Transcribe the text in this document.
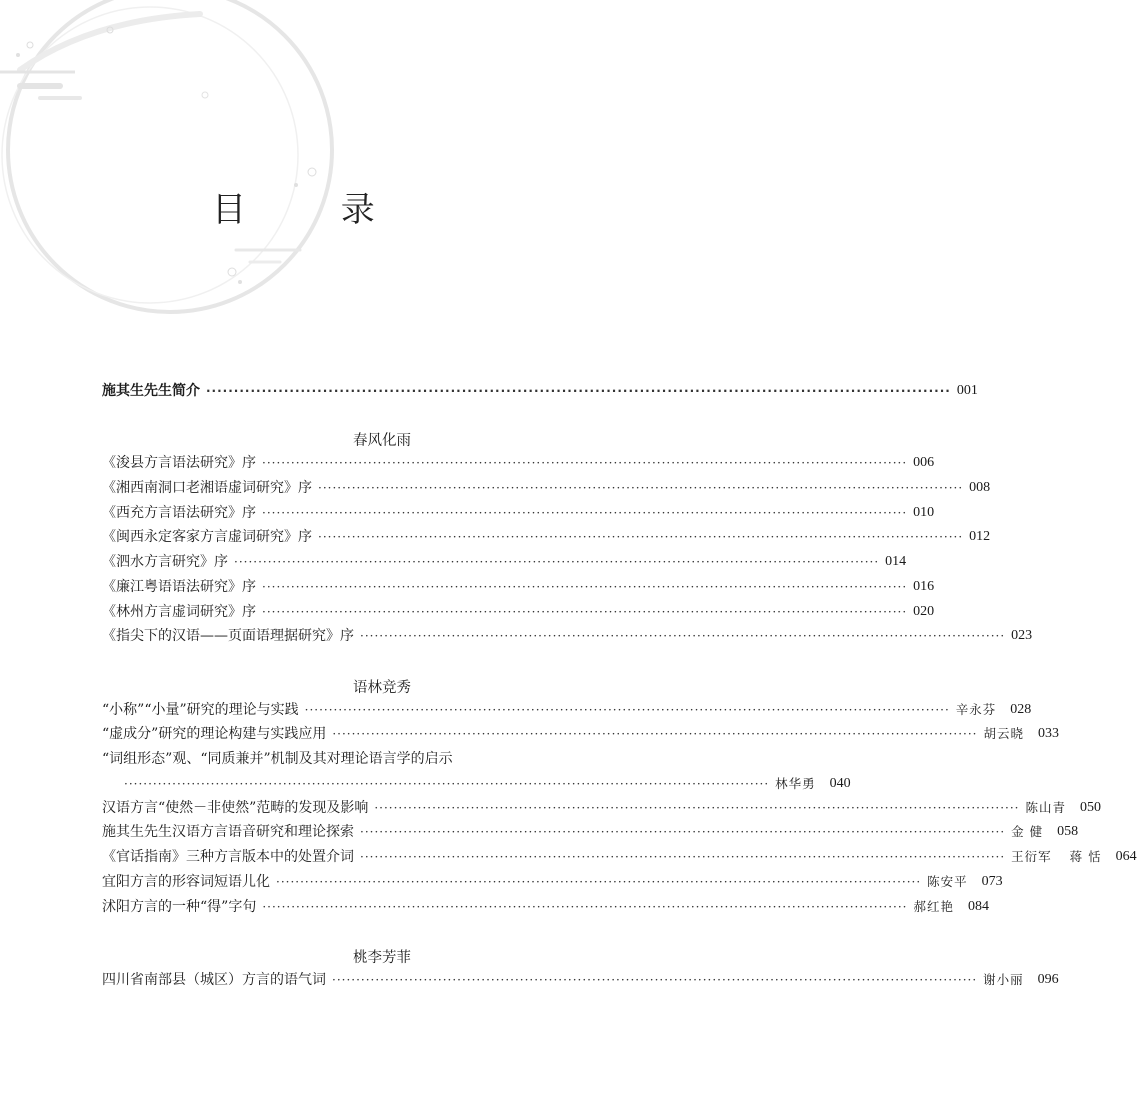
目 录
施其生先生简介 ······································································································································ 001
春风化雨
《浚县方言语法研究》序 ······································································································································ 006
《湘西南洞口老湘语虚词研究》序 ······································································································································ 008
《西充方言语法研究》序 ······································································································································ 010
《闽西永定客家方言虚词研究》序 ······································································································································ 012
《泗水方言研究》序 ······································································································································ 014
《廉江粤语语法研究》序 ······································································································································ 016
《林州方言虚词研究》序 ······································································································································ 020
《指尖下的汉语——页面语理据研究》序 ······································································································································ 023
语林竞秀
“小称”“小量”研究的理论与实践 ······································································································································ 辛永芬 028
“虚成分”研究的理论构建与实践应用 ······································································································································ 胡云晓 033
“词组形态”观、“同质兼并”机制及其对理论语言学的启示
······································································································································ 林华勇 040
汉语方言“使然－非使然”范畴的发现及影响 ······································································································································ 陈山青 050
施其生先生汉语方言语音研究和理论探索 ······································································································································ 金 健 058
《官话指南》三种方言版本中的处置介词 ······································································································································ 王衍军 蒋 恬 064
宜阳方言的形容词短语儿化 ······································································································································ 陈安平 073
沭阳方言的一种“得”字句 ······································································································································ 郝红艳 084
桃李芳菲
四川省南部县（城区）方言的语气词 ······································································································································ 谢小丽 096
